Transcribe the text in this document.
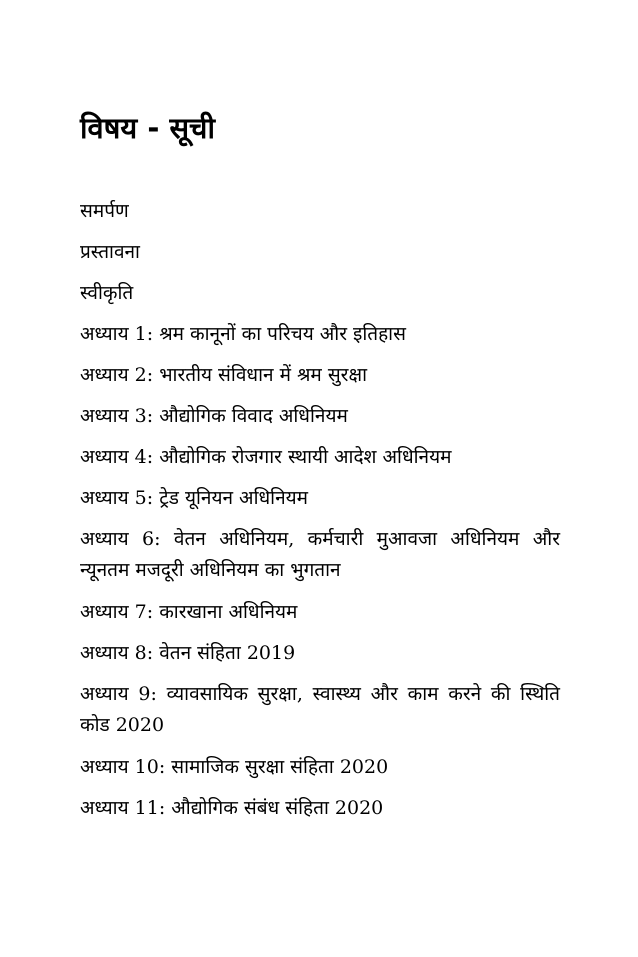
विषय - सूची
समर्पण
प्रस्तावना
स्वीकृति
अध्याय 1: श्रम कानूनों का परिचय और इतिहास
अध्याय 2: भारतीय संविधान में श्रम सुरक्षा
अध्याय 3: औद्योगिक विवाद अधिनियम
अध्याय 4: औद्योगिक रोजगार स्थायी आदेश अधिनियम
अध्याय 5: ट्रेड यूनियन अधिनियम
अध्याय 6: वेतन अधिनियम, कर्मचारी मुआवजा अधिनियम और न्यूनतम मजदूरी अधिनियम का भुगतान
अध्याय 7: कारखाना अधिनियम
अध्याय 8: वेतन संहिता 2019
अध्याय 9: व्यावसायिक सुरक्षा, स्वास्थ्य और काम करने की स्थिति कोड 2020
अध्याय 10: सामाजिक सुरक्षा संहिता 2020
अध्याय 11: औद्योगिक संबंध संहिता 2020
